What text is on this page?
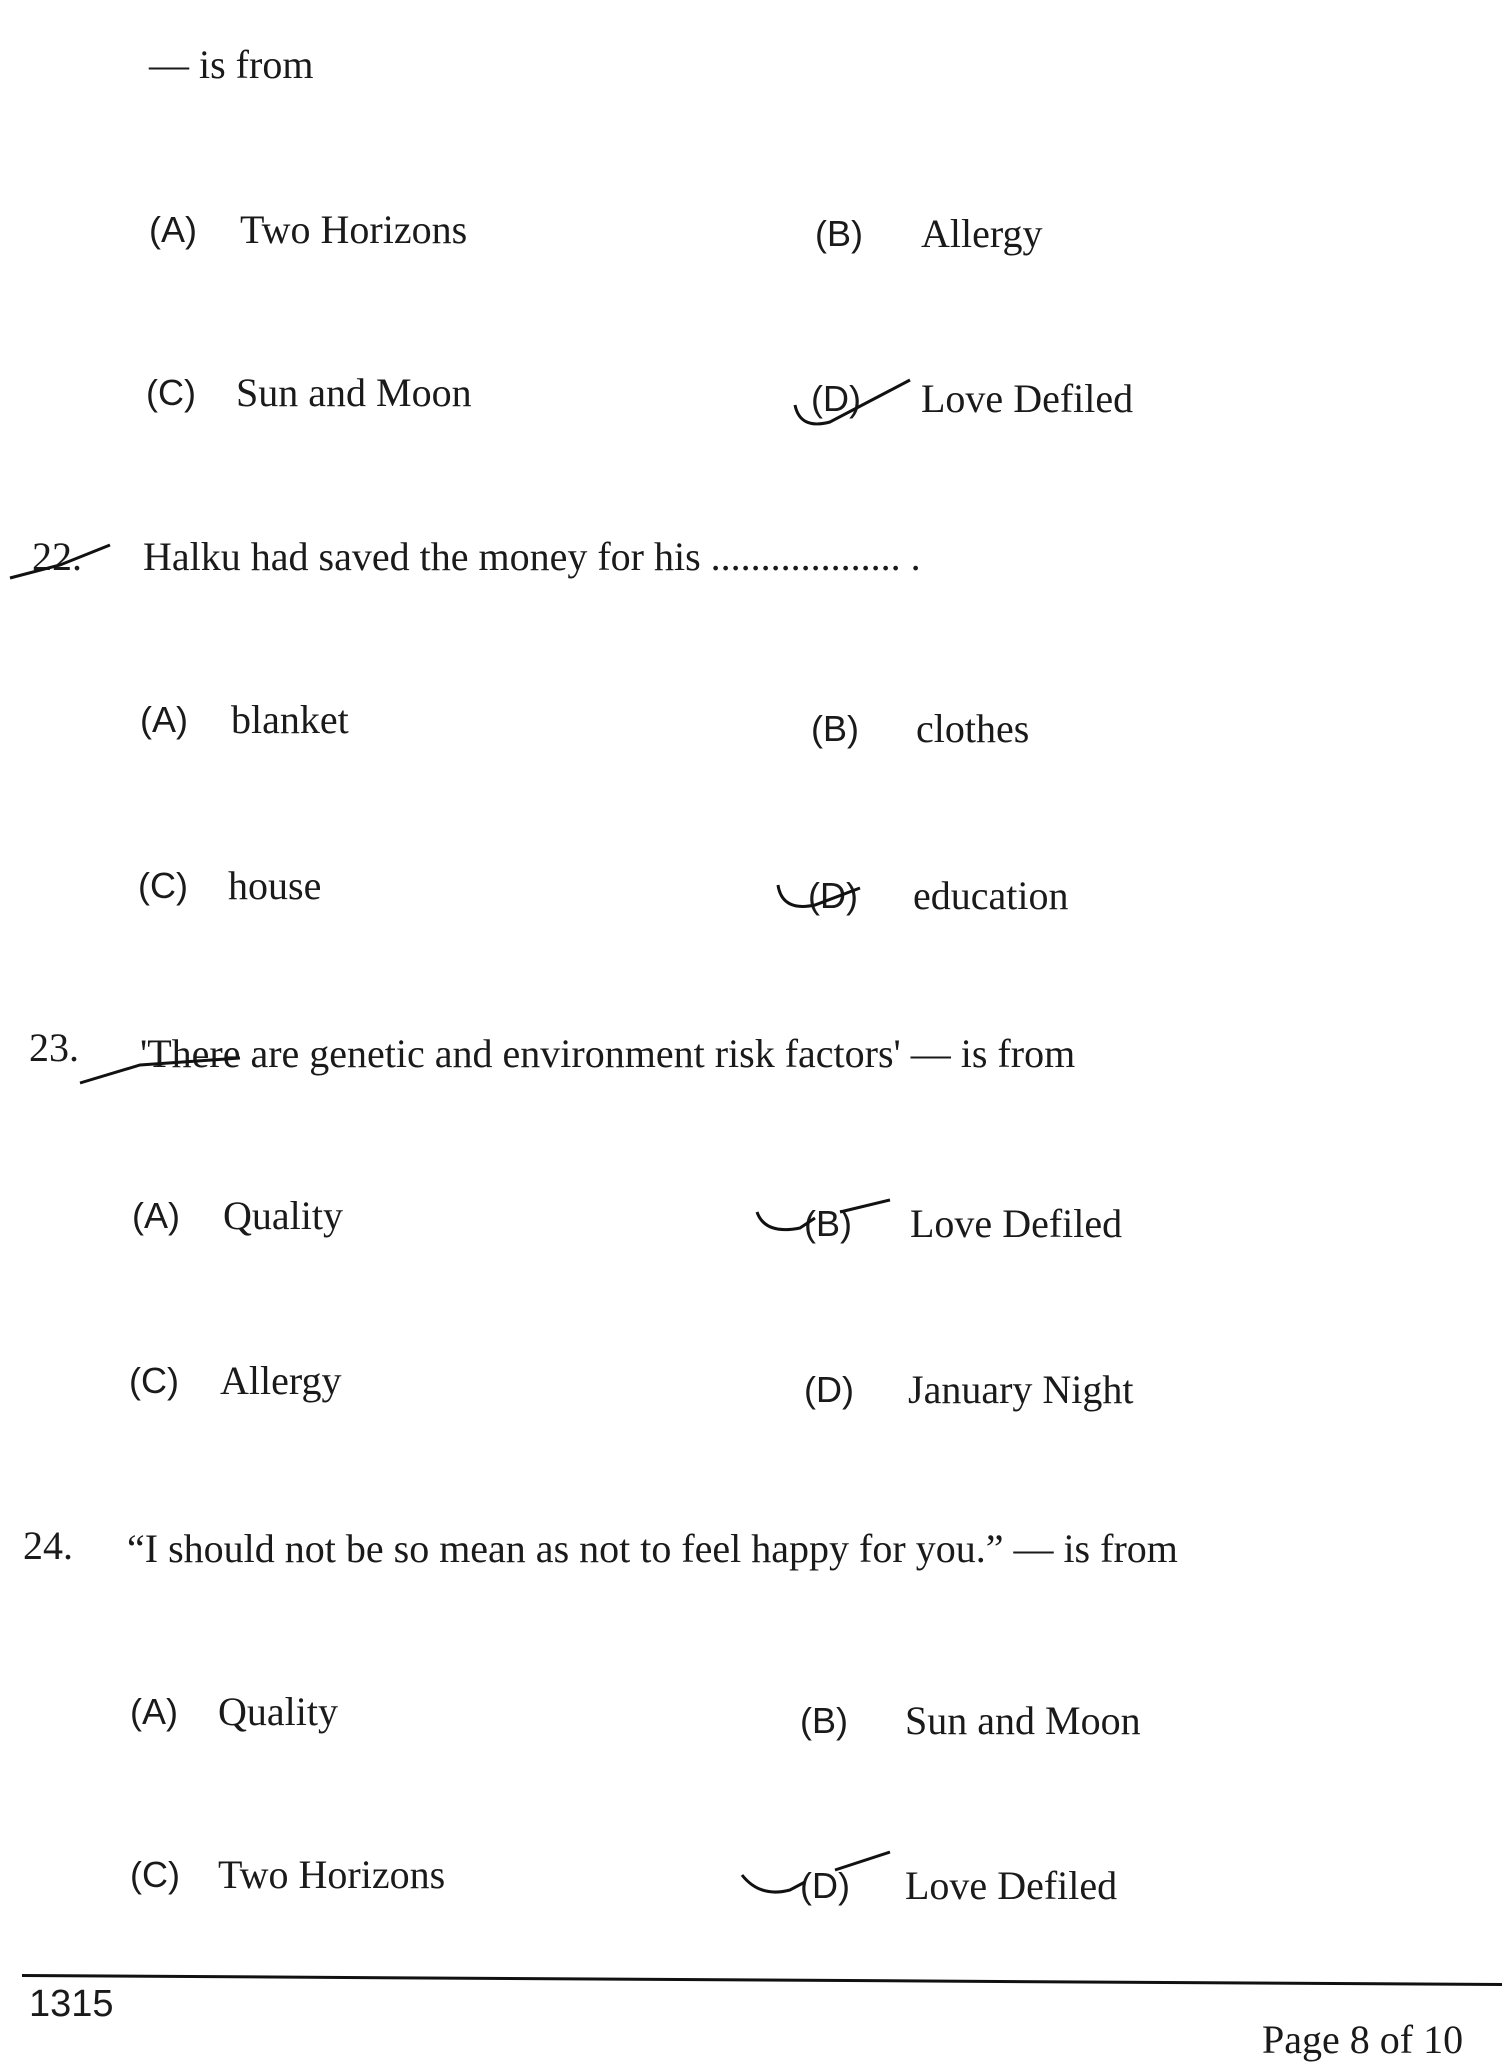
— is from
(A) Two Horizons	(B) Allergy
(C) Sun and Moon	(D) Love Defiled
22. Halku had saved the money for his ................... .
(A) blanket	(B) clothes
(C) house	(D) education
23. 'There are genetic and environment risk factors' — is from
(A) Quality	(B) Love Defiled
(C) Allergy	(D) January Night
24. “I should not be so mean as not to feel happy for you.” — is from
(A) Quality	(B) Sun and Moon
(C) Two Horizons	(D) Love Defiled
1315
Page 8 of 10
